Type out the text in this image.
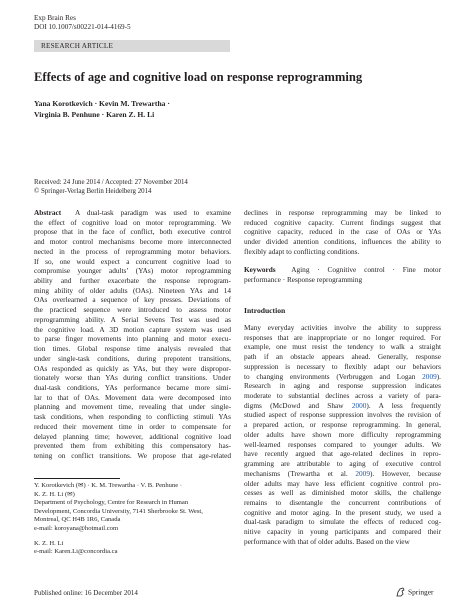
Exp Brain Res
DOI 10.1007/s00221-014-4169-5
RESEARCH ARTICLE
Effects of age and cognitive load on response reprogramming
Yana Korotkevich · Kevin M. Trewartha ·
Virginia B. Penhune · Karen Z. H. Li
Received: 24 June 2014 / Accepted: 27 November 2014
© Springer-Verlag Berlin Heidelberg 2014
Abstract A dual-task paradigm was used to examine
the effect of cognitive load on motor reprogramming. We
propose that in the face of conflict, both executive control
and motor control mechanisms become more interconnected
nected in the process of reprogramming motor behaviors.
If so, one would expect a concurrent cognitive load to
compromise younger adults’ (YAs) motor reprogramming
ability and further exacerbate the response reprogram-
ming ability of older adults (OAs). Nineteen YAs and 14
OAs overlearned a sequence of key presses. Deviations of
the practiced sequence were introduced to assess motor
reprogramming ability. A Serial Sevens Test was used as
the cognitive load. A 3D motion capture system was used
to parse finger movements into planning and motor execu-
tion times. Global response time analysis revealed that
under single-task conditions, during prepotent transitions,
OAs responded as quickly as YAs, but they were dispropor-
tionately worse than YAs during conflict transitions. Under
dual-task conditions, YAs performance became more simi-
lar to that of OAs. Movement data were decomposed into
planning and movement time, revealing that under single-
task conditions, when responding to conflicting stimuli YAs
reduced their movement time in order to compensate for
delayed planning time; however, additional cognitive load
prevented them from exhibiting this compensatory has-
tening on conflict transitions. We propose that age-related
declines in response reprogramming may be linked to
reduced cognitive capacity. Current findings suggest that
cognitive capacity, reduced in the case of OAs or YAs
under divided attention conditions, influences the ability to
flexibly adapt to conflicting conditions.
Keywords Aging · Cognitive control · Fine motor
performance · Response reprogramming
Introduction
Many everyday activities involve the ability to suppress
responses that are inappropriate or no longer required. For
example, one must resist the tendency to walk a straight
path if an obstacle appears ahead. Generally, response
suppression is necessary to flexibly adapt our behaviors
to changing environments (Verbruggen and Logan 2009).
Research in aging and response suppression indicates
moderate to substantial declines across a variety of para-
digms (McDowd and Shaw 2000). A less frequently
studied aspect of response suppression involves the revision of
a prepared action, or response reprogramming. In general,
older adults have shown more difficulty reprogramming
well-learned responses compared to younger adults. We
have recently argued that age-related declines in repro-
gramming are attributable to aging of executive control
mechanisms (Trewartha et al. 2009). However, because
older adults may have less efficient cognitive control pro-
cesses as well as diminished motor skills, the challenge
remains to disentangle the concurrent contributions of
cognitive and motor aging. In the present study, we used a
dual-task paradigm to simulate the effects of reduced cog-
nitive capacity in young participants and compared their
performance with that of older adults. Based on the view
Y. Korotkevich (✉) · K. M. Trewartha · V. B. Penhune ·
K. Z. H. Li (✉)
Department of Psychology, Centre for Research in Human
Development, Concordia University, 7141 Sherbrooke St. West,
Montreal, QC H4B 1R6, Canada
e-mail: koroyana@hotmail.com
K. Z. H. Li
e-mail: Karen.Li@concordia.ca
Published online: 16 December 2014	Springer
